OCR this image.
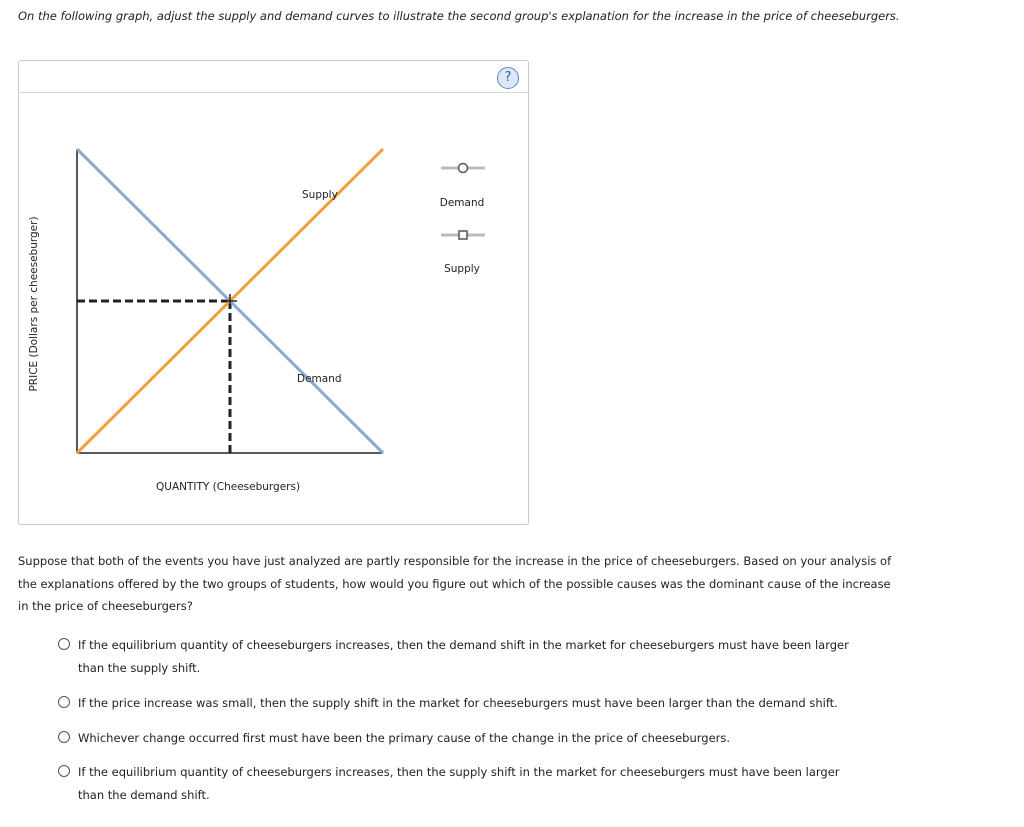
On the following graph, adjust the supply and demand curves to illustrate the second group's explanation for the increase in the price of cheeseburgers.

?
PRICE (Dollars per cheeseburger)
Supply
Demand
QUANTITY (Cheeseburgers)
Demand
Supply

Suppose that both of the events you have just analyzed are partly responsible for the increase in the price of cheeseburgers. Based on your analysis of the explanations offered by the two groups of students, how would you figure out which of the possible causes was the dominant cause of the increase in the price of cheeseburgers?

If the equilibrium quantity of cheeseburgers increases, then the demand shift in the market for cheeseburgers must have been larger than the supply shift.
If the price increase was small, then the supply shift in the market for cheeseburgers must have been larger than the demand shift.
Whichever change occurred first must have been the primary cause of the change in the price of cheeseburgers.
If the equilibrium quantity of cheeseburgers increases, then the supply shift in the market for cheeseburgers must have been larger than the demand shift.
